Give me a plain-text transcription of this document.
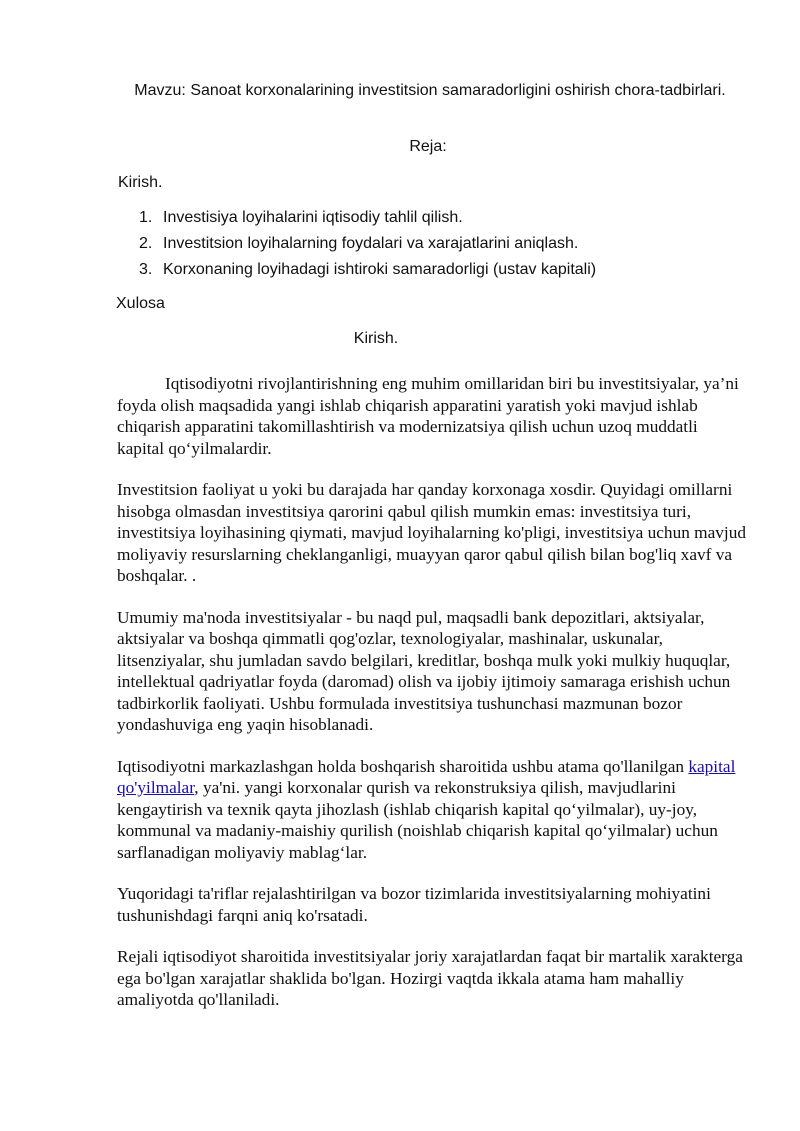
Mavzu: Sanoat korxonalarining investitsion samaradorligini oshirish chora-tadbirlari.
Reja:
Kirish.
1. Investisiya loyihalarini iqtisodiy tahlil qilish.
2. Investitsion loyihalarning foydalari va xarajatlarini aniqlash.
3. Korxonaning loyihadagi ishtiroki samaradorligi (ustav kapitali)
Xulosa
Kirish.

Iqtisodiyotni rivojlantirishning eng muhim omillaridan biri bu investitsiyalar, ya’ni foyda olish maqsadida yangi ishlab chiqarish apparatini yaratish yoki mavjud ishlab chiqarish apparatini takomillashtirish va modernizatsiya qilish uchun uzoq muddatli kapital qo‘yilmalardir.

Investitsion faoliyat u yoki bu darajada har qanday korxonaga xosdir. Quyidagi omillarni hisobga olmasdan investitsiya qarorini qabul qilish mumkin emas: investitsiya turi, investitsiya loyihasining qiymati, mavjud loyihalarning ko'pligi, investitsiya uchun mavjud moliyaviy resurslarning cheklanganligi, muayyan qaror qabul qilish bilan bog'liq xavf va boshqalar. .

Umumiy ma'noda investitsiyalar - bu naqd pul, maqsadli bank depozitlari, aktsiyalar, aktsiyalar va boshqa qimmatli qog'ozlar, texnologiyalar, mashinalar, uskunalar, litsenziyalar, shu jumladan savdo belgilari, kreditlar, boshqa mulk yoki mulkiy huquqlar, intellektual qadriyatlar foyda (daromad) olish va ijobiy ijtimoiy samaraga erishish uchun tadbirkorlik faoliyati. Ushbu formulada investitsiya tushunchasi mazmunan bozor yondashuviga eng yaqin hisoblanadi.

Iqtisodiyotni markazlashgan holda boshqarish sharoitida ushbu atama qo'llanilgan kapital qo'yilmalar, ya'ni. yangi korxonalar qurish va rekonstruksiya qilish, mavjudlarini kengaytirish va texnik qayta jihozlash (ishlab chiqarish kapital qo‘yilmalar), uy-joy, kommunal va madaniy-maishiy qurilish (noishlab chiqarish kapital qo‘yilmalar) uchun sarflanadigan moliyaviy mablag‘lar.

Yuqoridagi ta'riflar rejalashtirilgan va bozor tizimlarida investitsiyalarning mohiyatini tushunishdagi farqni aniq ko'rsatadi.

Rejali iqtisodiyot sharoitida investitsiyalar joriy xarajatlardan faqat bir martalik xarakterga ega bo'lgan xarajatlar shaklida bo'lgan. Hozirgi vaqtda ikkala atama ham mahalliy amaliyotda qo'llaniladi.
